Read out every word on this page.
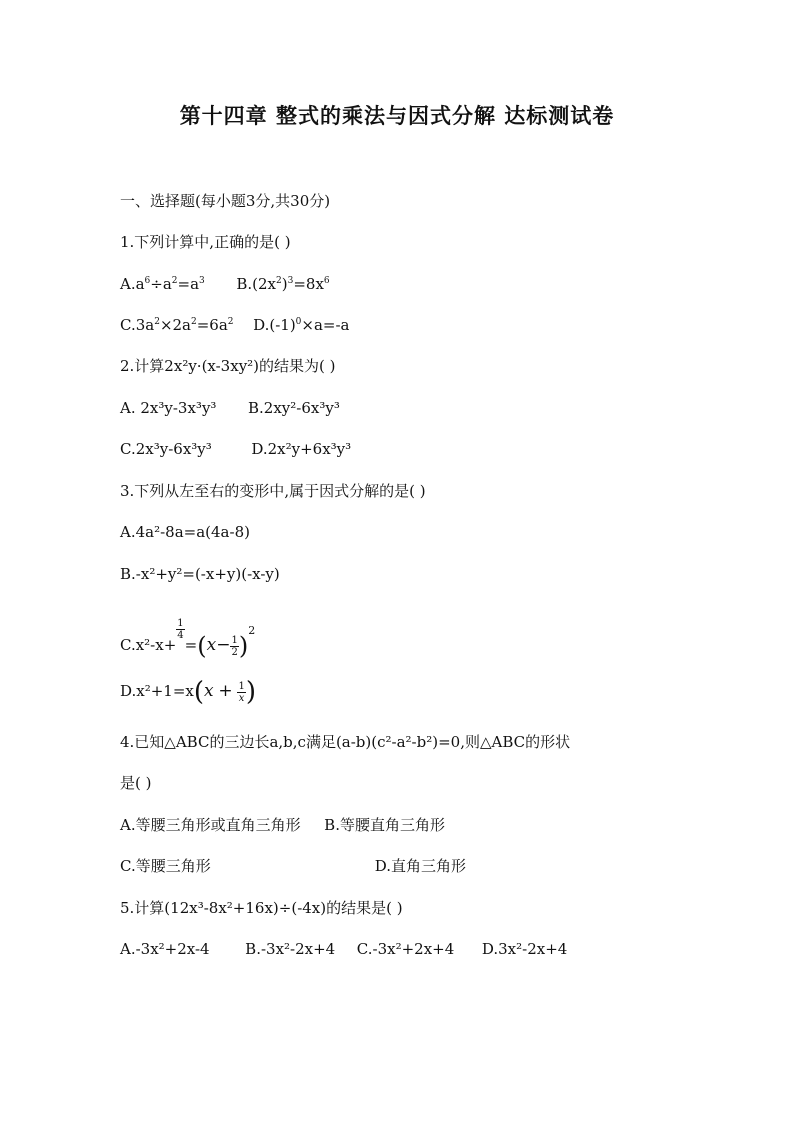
第十四章 整式的乘法与因式分解 达标测试卷
一、选择题(每小题3分,共30分)
1.下列计算中,正确的是( )
$A.a^6\div a^2=a^3$ $B.(2x^2)^3=8x^6$
$C.3a^2\times 2a^2=6a^2$ $D.(-1)^0\times a=-a$
2.计算2x²y·(x-3xy²)的结果为( )
A. 2x³y-3x³y³ B.2xy²-6x³y³
C.2x³y-6x³y³	D.2x²y+6x³y³
3.下列从左至右的变形中,属于因式分解的是( )
A.4a²-8a=a(4a-8)
B.-x²+y²=(-x+y)(-x-y)
C.x²-x+
$\frac{1}{4}$
$=(x- \frac{1}{2} )^2$
$D.x^2+1=x(x + \frac{1}{x}$ )
4.已知△ABC的三边长a,b,c满足(a-b)(c²-a²-b²)=0,则△ABC的形状
是( )
A.等腰三角形或直角三角形 B.等腰直角三角形
C.等腰三角形	D.直角三角形
5.计算(12x³-8x²+16x)÷(-4x)的结果是( )
A.-3x²+2x-4 B.-3x²-2x+4 C.-3x²+2x+4 D.3x²-2x+4
